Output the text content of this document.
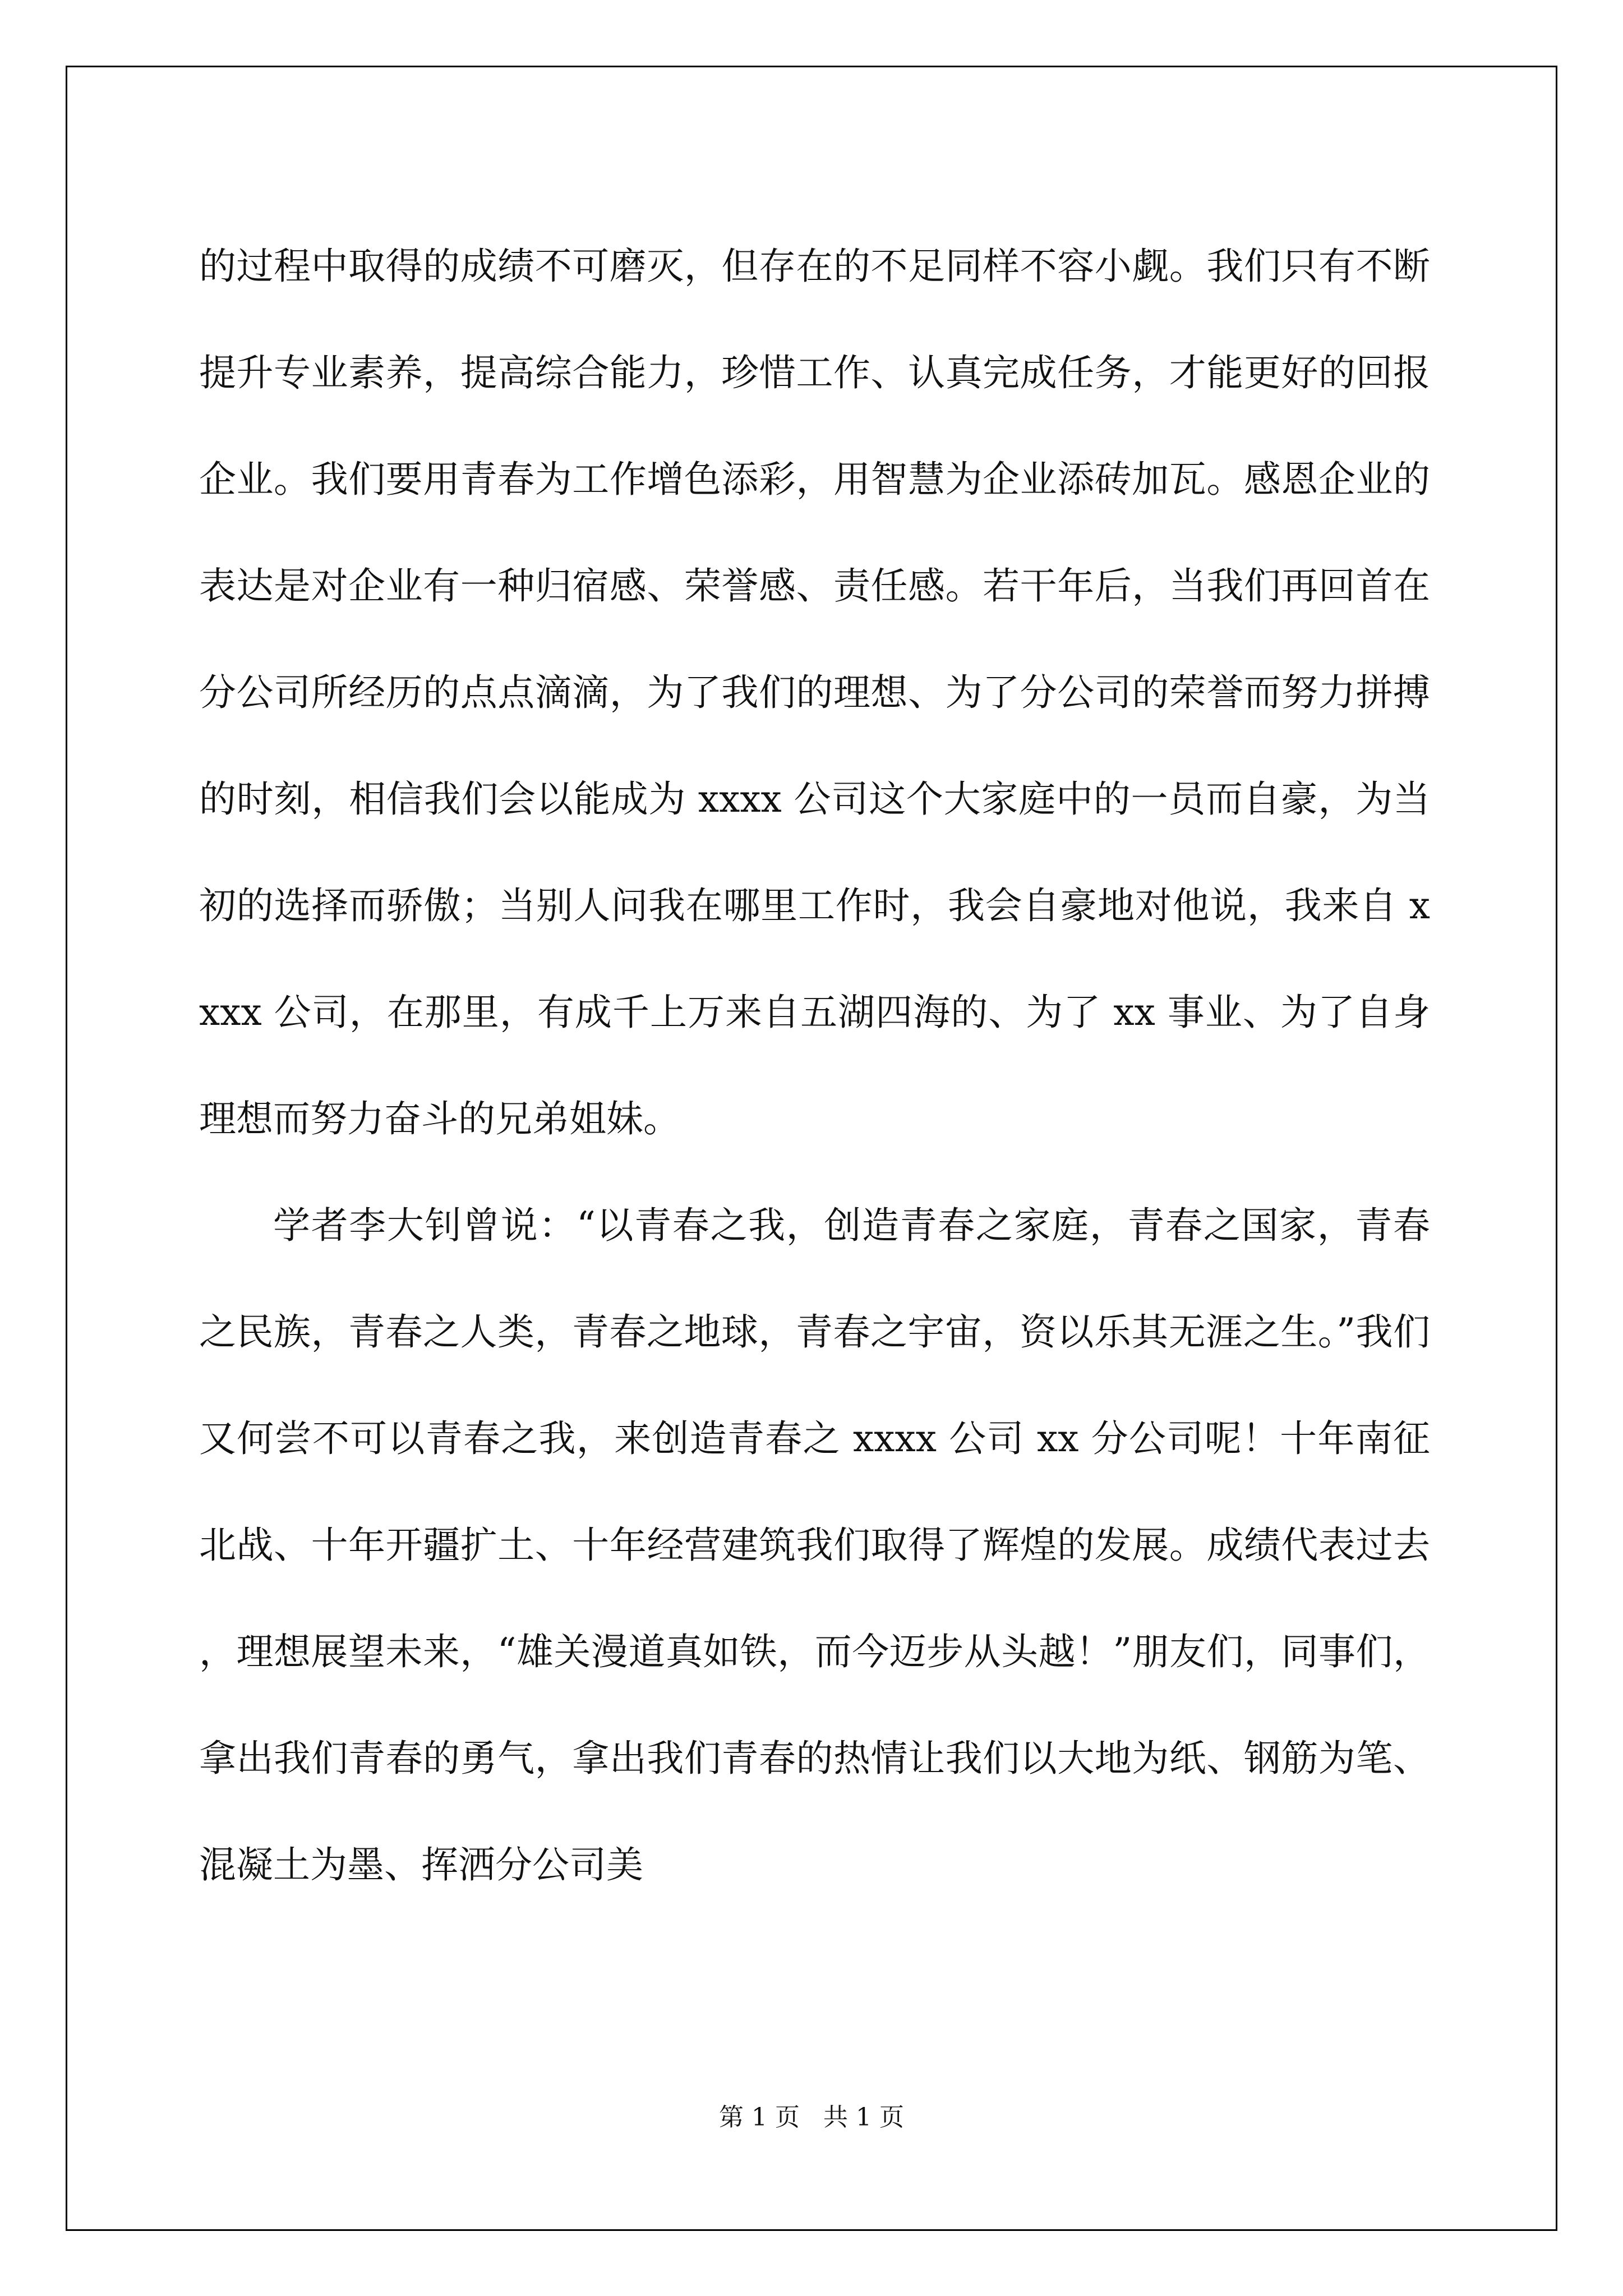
的过程中取得的成绩不可磨灭，但存在的不足同样不容小觑。我们只有不断提升专业素养，提高综合能力，珍惜工作、认真完成任务，才能更好的回报企业。我们要用青春为工作增色添彩，用智慧为企业添砖加瓦。感恩企业的表达是对企业有一种归宿感、荣誉感、责任感。若干年后，当我们再回首在分公司所经历的点点滴滴，为了我们的理想、为了分公司的荣誉而努力拼搏的时刻，相信我们会以能成为 xxxx 公司这个大家庭中的一员而自豪，为当初的选择而骄傲；当别人问我在哪里工作时，我会自豪地对他说，我来自 xxxx 公司，在那里，有成千上万来自五湖四海的、为了 xx 事业、为了自身理想而努力奋斗的兄弟姐妹。

学者李大钊曾说：“以青春之我，创造青春之家庭，青春之国家，青春之民族，青春之人类，青春之地球，青春之宇宙，资以乐其无涯之生。”我们又何尝不可以青春之我，来创造青春之 xxxx 公司 xx 分公司呢！十年南征北战、十年开疆扩土、十年经营建筑我们取得了辉煌的发展。成绩代表过去，理想展望未来，“雄关漫道真如铁，而今迈步从头越！”朋友们，同事们，拿出我们青春的勇气，拿出我们青春的热情让我们以大地为纸、钢筋为笔、混凝土为墨、挥洒分公司美

第 1 页   共 1 页
